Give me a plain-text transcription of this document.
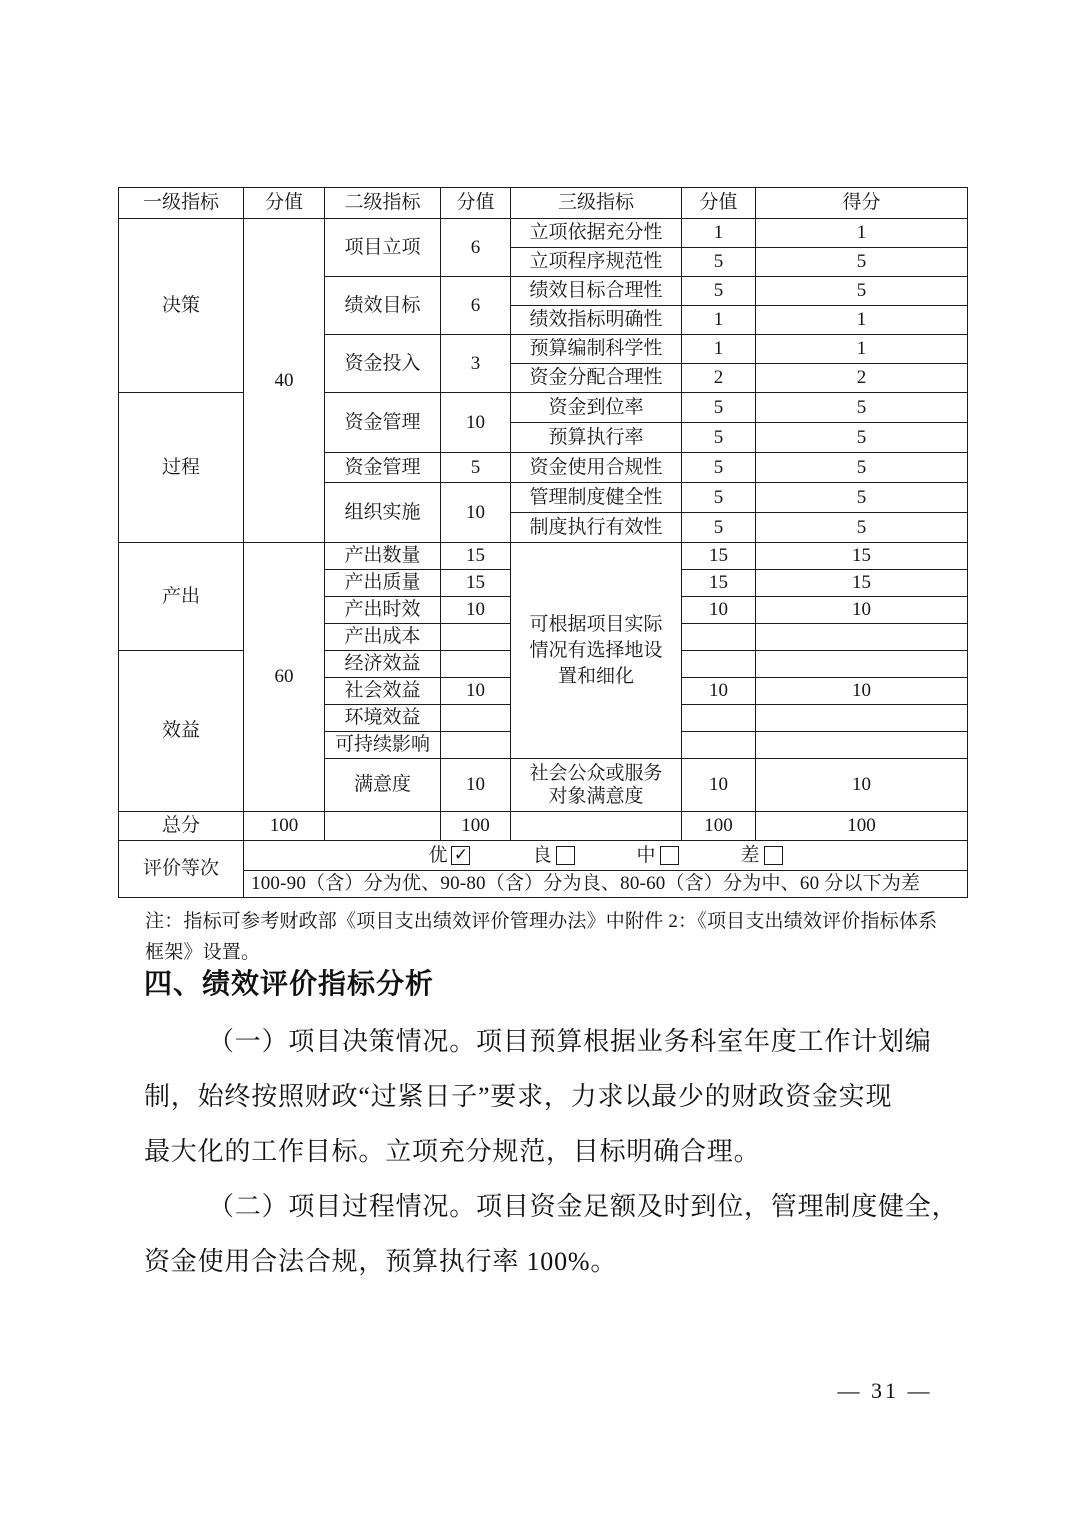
一级指标	分值	二级指标	分值	三级指标	分值	得分
决策	40	项目立项	6	立项依据充分性	1	1
				立项程序规范性	5	5
		绩效目标	6	绩效目标合理性	5	5
				绩效指标明确性	1	1
		资金投入	3	预算编制科学性	1	1
				资金分配合理性	2	2
过程		资金管理	10	资金到位率	5	5
				预算执行率	5	5
		资金管理	5	资金使用合规性	5	5
		组织实施	10	管理制度健全性	5	5
				制度执行有效性	5	5
产出	60	产出数量	15	可根据项目实际情况有选择地设置和细化	15	15
		产出质量	15		15	15
		产出时效	10		10	10
		产出成本				
效益		经济效益				
		社会效益	10		10	10
		环境效益				
		可持续影响				
		满意度	10	社会公众或服务对象满意度	10	10
总分	100		100		100	100
评价等次	优 ✓ 良 中 差					

	100-90（含）分为优、90-80（含）分为良、80-60（含）分为中、60 分以下为差					
注：指标可参考财政部《项目支出绩效评价管理办法》中附件 2：《项目支出绩效评价指标体系
框架》设置。
四、绩效评价指标分析
（一）项目决策情况。项目预算根据业务科室年度工作计划编
制，始终按照财政“过紧日子”要求，力求以最少的财政资金实现
最大化的工作目标。立项充分规范，目标明确合理。
（二）项目过程情况。项目资金足额及时到位，管理制度健全，
资金使用合法合规，预算执行率 100%。
— 31 —
